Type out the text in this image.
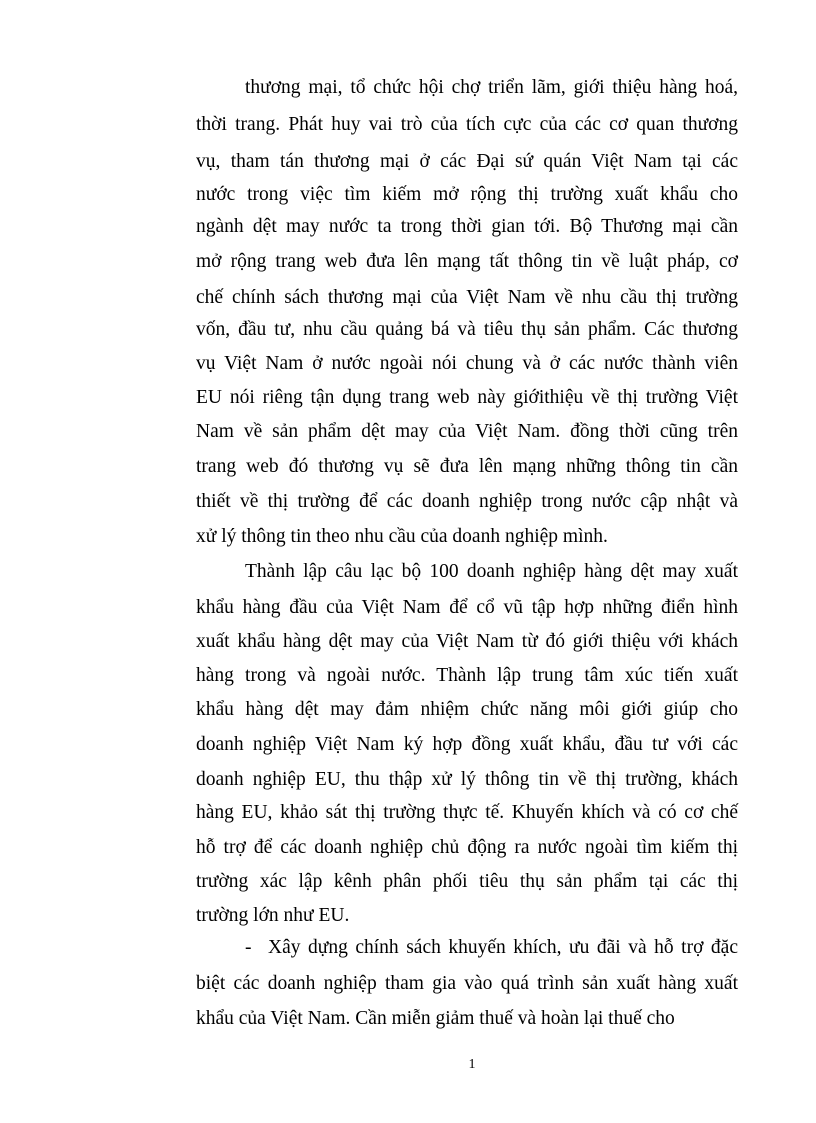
thương mại, tổ chức hội chợ triển lãm, giới thiệu hàng hoá,
thời trang. Phát huy vai trò của tích cực của các cơ quan thương
vụ, tham tán thương mại ở các Đại sứ quán Việt Nam tại các
nước trong việc tìm kiếm mở rộng thị trường xuất khẩu cho
ngành dệt may nước ta trong thời gian tới. Bộ Thương mại cần
mở rộng trang web đưa lên mạng tất thông tin về luật pháp, cơ
chế chính sách thương mại của Việt Nam về nhu cầu thị trường
vốn, đầu tư, nhu cầu quảng bá và tiêu thụ sản phẩm. Các thương
vụ Việt Nam ở nước ngoài nói chung và ở các nước thành viên
EU nói riêng tận dụng trang web này giớithiệu về thị trường Việt
Nam về sản phẩm dệt may của Việt Nam. đồng thời cũng trên
trang web đó thương vụ sẽ đưa lên mạng những thông tin cần
thiết về thị trường để các doanh nghiệp trong nước cập nhật và
xử lý thông tin theo nhu cầu của doanh nghiệp mình.
Thành lập câu lạc bộ 100 doanh nghiệp hàng dệt may xuất
khẩu hàng đầu của Việt Nam để cổ vũ tập hợp những điển hình
xuất khẩu hàng dệt may của Việt Nam từ đó giới thiệu với khách
hàng trong và ngoài nước. Thành lập trung tâm xúc tiến xuất
khẩu hàng dệt may đảm nhiệm chức năng môi giới giúp cho
doanh nghiệp Việt Nam ký hợp đồng xuất khẩu, đầu tư với các
doanh nghiệp EU, thu thập xử lý thông tin về thị trường, khách
hàng EU, khảo sát thị trường thực tế. Khuyến khích và có cơ chế
hỗ trợ để các doanh nghiệp chủ động ra nước ngoài tìm kiếm thị
trường xác lập kênh phân phối tiêu thụ sản phẩm tại các thị
trường lớn như EU.
- Xây dựng chính sách khuyến khích, ưu đãi và hỗ trợ đặc
biệt các doanh nghiệp tham gia vào quá trình sản xuất hàng xuất
khẩu của Việt Nam. Cần miễn giảm thuế và hoàn lại thuế cho
1
